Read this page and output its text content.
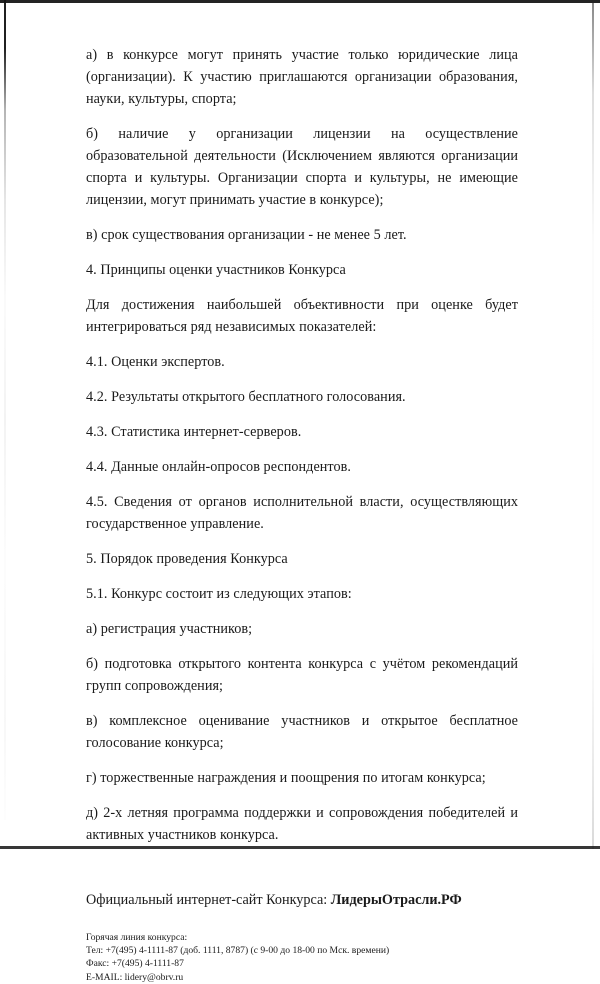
а) в конкурсе могут принять участие только юридические лица (организации). К участию приглашаются организации образования, науки, культуры, спорта;

б) наличие у организации лицензии на осуществление образовательной деятельности (Исключением являются организации спорта и культуры. Организации спорта и культуры, не имеющие лицензии, могут принимать участие в конкурсе);

в) срок существования организации - не менее 5 лет.

4. Принципы оценки участников Конкурса

Для достижения наибольшей объективности при оценке будет интегрироваться ряд независимых показателей:

4.1. Оценки экспертов.

4.2. Результаты открытого бесплатного голосования.

4.3. Статистика интернет-серверов.

4.4. Данные онлайн-опросов респондентов.

4.5. Сведения от органов исполнительной власти, осуществляющих государственное управление.

5. Порядок проведения Конкурса

5.1. Конкурс состоит из следующих этапов:

а) регистрация участников;

б) подготовка открытого контента конкурса с учётом рекомендаций групп сопровождения;

в) комплексное оценивание участников и открытое бесплатное голосование конкурса;

г) торжественные награждения и поощрения по итогам конкурса;

д) 2-х летняя программа поддержки и сопровождения победителей и активных участников конкурса.

Официальный интернет-сайт Конкурса: ЛидерыОтрасли.РФ

Горячая линия конкурса:
Тел: +7(495) 4-1111-87 (доб. 1111, 8787) (с 9-00 до 18-00 по Мск. времени)
Факс: +7(495) 4-1111-87
E-MAIL: lidery@obrv.ru
